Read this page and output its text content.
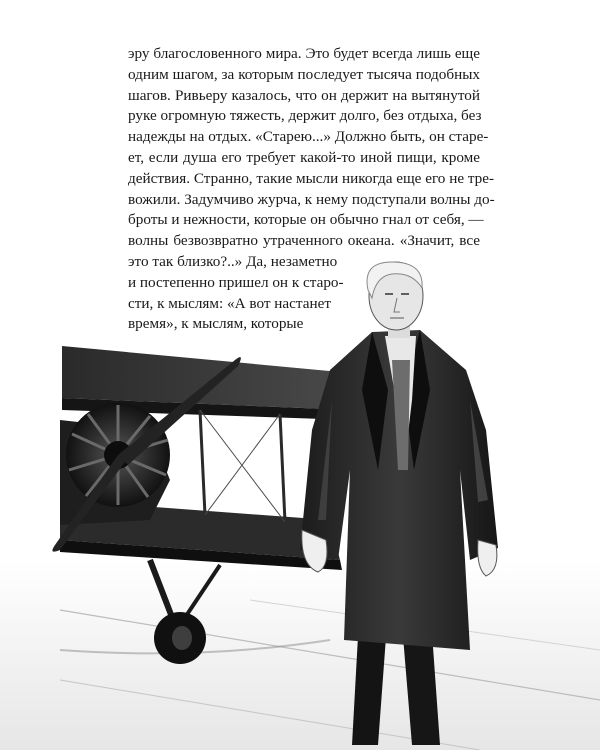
эру благословенного мира. Это будет всегда лишь еще
одним шагом, за которым последует тысяча подобных
шагов. Ривьеру казалось, что он держит на вытянутой
руке огромную тяжесть, держит долго, без отдыха, без
надежды на отдых. «Старею...» Должно быть, он старе-
ет, если душа его требует какой-то иной пищи, кроме
действия. Странно, такие мысли никогда еще его не тре-
вожили. Задумчиво журча, к нему подступали волны до-
броты и нежности, которые он обычно гнал от себя, —
волны безвозвратно утраченного океана. «Значит, все
это так близко?..» Да, незаметно
и постепенно пришел он к старо-
сти, к мыслям: «А вот настанет
время», к мыслям, которые
